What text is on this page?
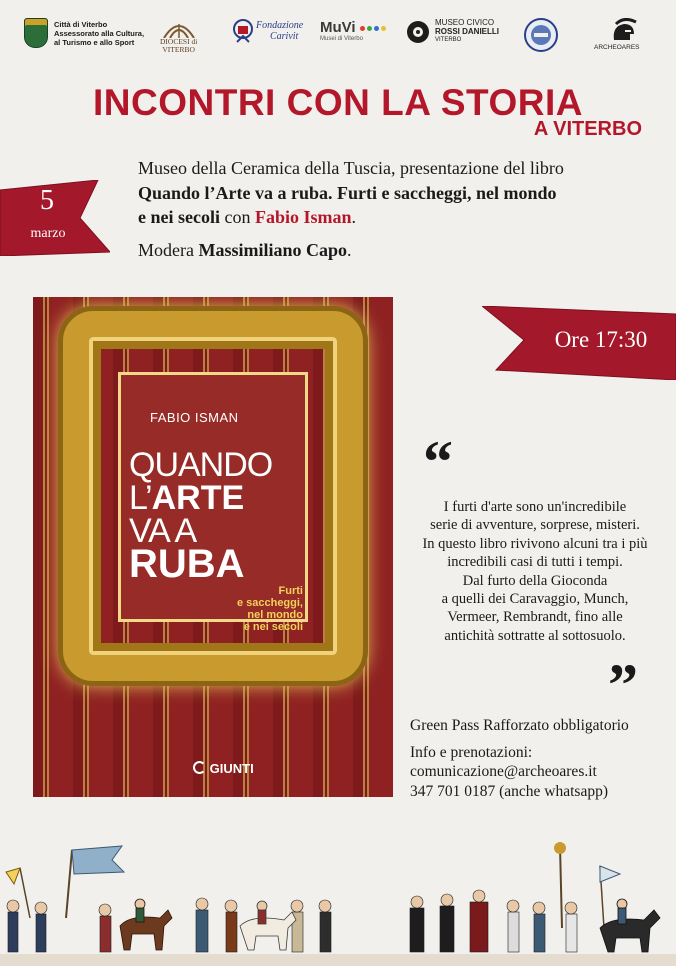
Città di Viterbo
Assessorato alla Cultura,
al Turismo e allo Sport	DIOCESI di
VITERBO
Fondazione
Carivit
MuVi
Musei di Viterbo
MUSEO CIVICO
ROSSI DANIELLI
VITERBO
ARCHEOARES
INCONTRI CON LA STORIA
A VITERBO
5
marzo

Museo della Ceramica della Tuscia, presentazione del libro

Quando l’Arte va a ruba. Furti e saccheggi, nel mondo

e nei secoli con Fabio Isman.

Modera Massimiliano Capo.

Ore 17:30
FABIO ISMAN
QUANDO
L’ARTE
VA A
RUBA
Furti
e saccheggi,
nel mondo
e nei secoli
GIUNTI
“

I furti d'arte sono un'incredibile

serie di avventure, sorprese, misteri.

In questo libro rivivono alcuni tra i più

incredibili casi di tutti i tempi.

Dal furto della Gioconda

a quelli dei Caravaggio, Munch,

Vermeer, Rembrandt, fino alle

antichità sottratte al sottosuolo.

”

Green Pass Rafforzato obbligatorio

Info e prenotazioni:

comunicazione@archeoares.it

347 701 0187 (anche whatsapp)
